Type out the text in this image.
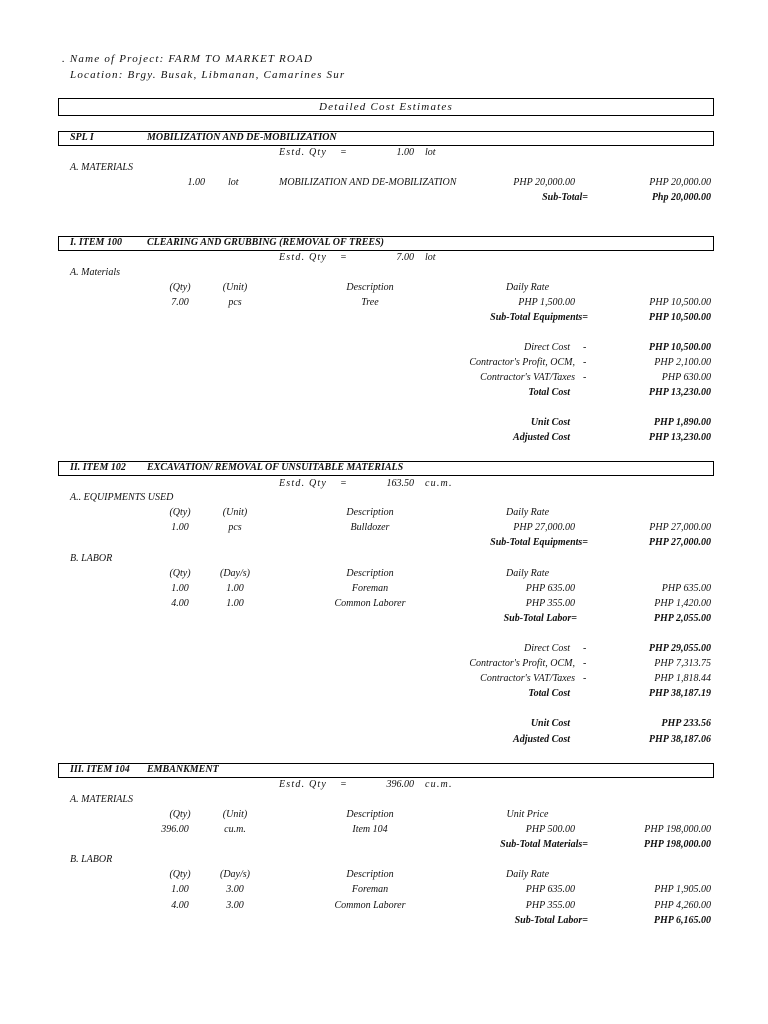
. Name of Project: FARM TO MARKET ROAD
Location: Brgy. Busak, Libmanan, Camarines Sur
Detailed Cost Estimates
SPL I	MOBILIZATION AND DE-MOBILIZATION
Estd. Qty =	1.00 lot
A. MATERIALS
1.00 lot	MOBILIZATION AND DE-MOBILIZATION	PHP 20,000.00	PHP 20,000.00
Sub-Total=	Php 20,000.00
I. ITEM 100	CLEARING AND GRUBBING (REMOVAL OF TREES)
Estd. Qty =	7.00 lot
A. Materials
(Qty)	(Unit)	Description	Daily Rate
7.00	pcs	Tree	PHP 1,500.00	PHP 10,500.00
Sub-Total Equipments=	PHP 10,500.00
Direct Cost -	PHP 10,500.00
Contractor's Profit, OCM, -	PHP 2,100.00
Contractor's VAT/Taxes -	PHP 630.00
Total Cost	PHP 13,230.00
Unit Cost	PHP 1,890.00
Adjusted Cost	PHP 13,230.00
II. ITEM 102 EXCAVATION/ REMOVAL OF UNSUITABLE MATERIALS
Estd. Qty =	163.50 cu.m.
A.. EQUIPMENTS USED
(Qty)	(Unit)	Description	Daily Rate
1.00	pcs	Bulldozer	PHP 27,000.00	PHP 27,000.00
Sub-Total Equipments=	PHP 27,000.00
B. LABOR
(Qty)	(Day/s)	Description	Daily Rate
1.00	1.00	Foreman	PHP 635.00	PHP 635.00
4.00	1.00	Common Laborer	PHP 355.00	PHP 1,420.00
Sub-Total Labor=	PHP 2,055.00
Direct Cost -	PHP 29,055.00
Contractor's Profit, OCM, -	PHP 7,313.75
Contractor's VAT/Taxes -	PHP 1,818.44
Total Cost	PHP 38,187.19
Unit Cost	PHP 233.56
Adjusted Cost	PHP 38,187.06
III. ITEM 104 EMBANKMENT
Estd. Qty =	396.00 cu.m.
A. MATERIALS
(Qty)	(Unit)	Description	Unit Price
396.00	cu.m.	Item 104	PHP 500.00	PHP 198,000.00
Sub-Total Materials=	PHP 198,000.00
B. LABOR
(Qty)	(Day/s)	Description	Daily Rate
1.00	3.00	Foreman	PHP 635.00	PHP 1,905.00
4.00	3.00	Common Laborer	PHP 355.00	PHP 4,260.00
Sub-Total Labor=	PHP 6,165.00
